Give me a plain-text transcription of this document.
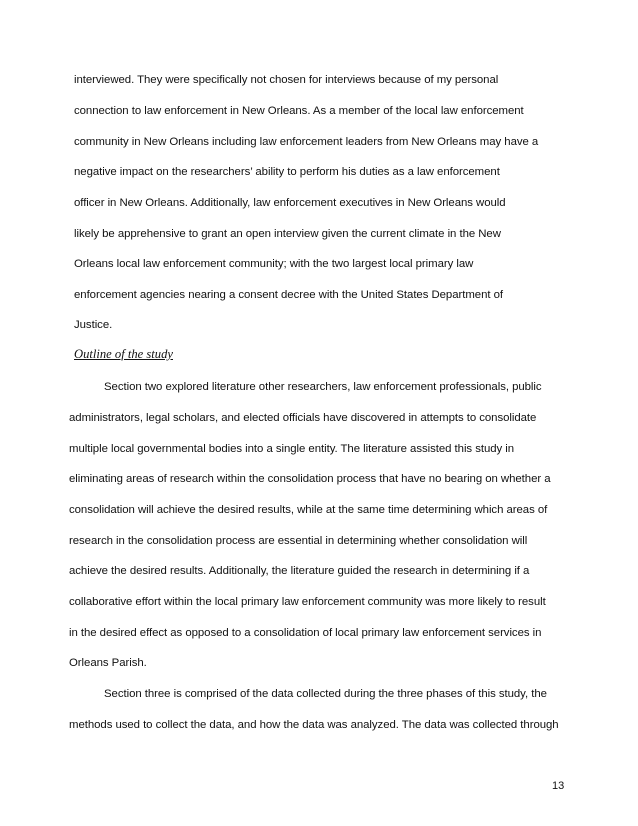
interviewed. They were specifically not chosen for interviews because of my personal
connection to law enforcement in New Orleans. As a member of the local law enforcement
community in New Orleans including law enforcement leaders from New Orleans may have a
negative impact on the researchers’ ability to perform his duties as a law enforcement
officer in New Orleans. Additionally, law enforcement executives in New Orleans would
likely be apprehensive to grant an open interview given the current climate in the New
Orleans local law enforcement community; with the two largest local primary law
enforcement agencies nearing a consent decree with the United States Department of
Justice.
Outline of the study
Section two explored literature other researchers, law enforcement professionals, public
administrators, legal scholars, and elected officials have discovered in attempts to consolidate
multiple local governmental bodies into a single entity. The literature assisted this study in
eliminating areas of research within the consolidation process that have no bearing on whether a
consolidation will achieve the desired results, while at the same time determining which areas of
research in the consolidation process are essential in determining whether consolidation will
achieve the desired results. Additionally, the literature guided the research in determining if a
collaborative effort within the local primary law enforcement community was more likely to result
in the desired effect as opposed to a consolidation of local primary law enforcement services in
Orleans Parish.
Section three is comprised of the data collected during the three phases of this study, the
methods used to collect the data, and how the data was analyzed. The data was collected through
13
